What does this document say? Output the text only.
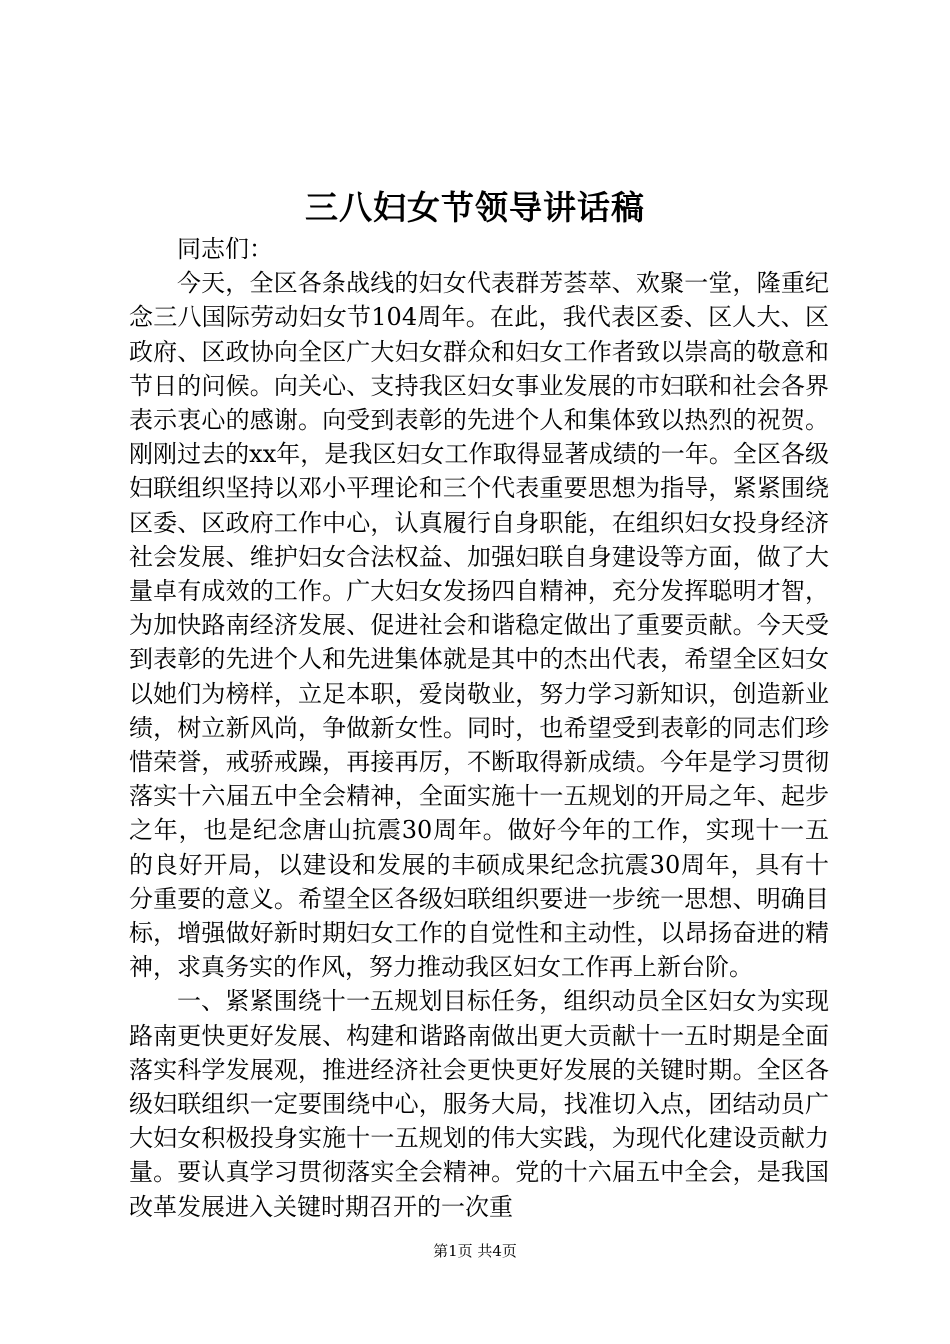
三八妇女节领导讲话稿

同志们：

今天，全区各条战线的妇女代表群芳荟萃、欢聚一堂，隆重纪念三八国际劳动妇女节104周年。在此，我代表区委、区人大、区政府、区政协向全区广大妇女群众和妇女工作者致以崇高的敬意和节日的问候。向关心、支持我区妇女事业发展的市妇联和社会各界表示衷心的感谢。向受到表彰的先进个人和集体致以热烈的祝贺。刚刚过去的xx年，是我区妇女工作取得显著成绩的一年。全区各级妇联组织坚持以邓小平理论和三个代表重要思想为指导，紧紧围绕区委、区政府工作中心，认真履行自身职能，在组织妇女投身经济社会发展、维护妇女合法权益、加强妇联自身建设等方面，做了大量卓有成效的工作。广大妇女发扬四自精神，充分发挥聪明才智，为加快路南经济发展、促进社会和谐稳定做出了重要贡献。今天受到表彰的先进个人和先进集体就是其中的杰出代表，希望全区妇女以她们为榜样，立足本职，爱岗敬业，努力学习新知识，创造新业绩，树立新风尚，争做新女性。同时，也希望受到表彰的同志们珍惜荣誉，戒骄戒躁，再接再厉，不断取得新成绩。今年是学习贯彻落实十六届五中全会精神，全面实施十一五规划的开局之年、起步之年，也是纪念唐山抗震30周年。做好今年的工作，实现十一五的良好开局，以建设和发展的丰硕成果纪念抗震30周年，具有十分重要的意义。希望全区各级妇联组织要进一步统一思想、明确目标，增强做好新时期妇女工作的自觉性和主动性，以昂扬奋进的精神，求真务实的作风，努力推动我区妇女工作再上新台阶。

一、紧紧围绕十一五规划目标任务，组织动员全区妇女为实现路南更快更好发展、构建和谐路南做出更大贡献十一五时期是全面落实科学发展观，推进经济社会更快更好发展的关键时期。全区各级妇联组织一定要围绕中心，服务大局，找准切入点，团结动员广大妇女积极投身实施十一五规划的伟大实践，为现代化建设贡献力量。要认真学习贯彻落实全会精神。党的十六届五中全会，是我国改革发展进入关键时期召开的一次重

第1页 共4页
